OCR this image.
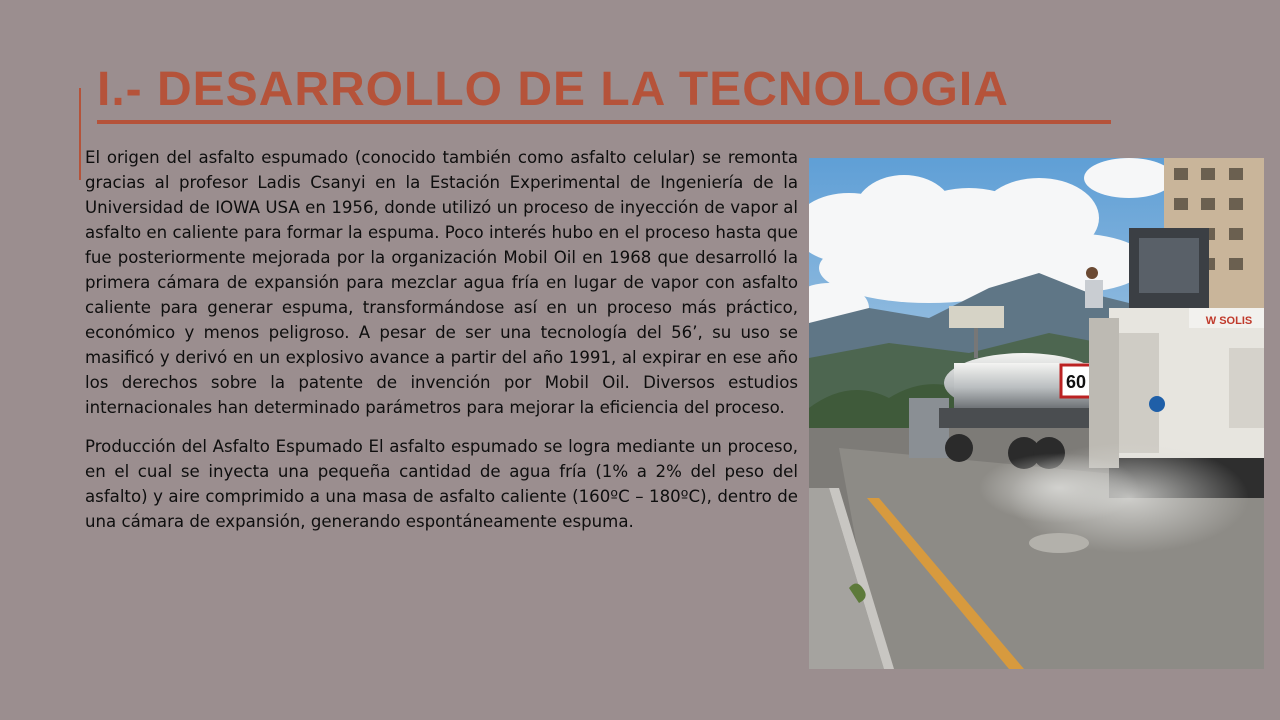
I.- DESARROLLO DE LA TECNOLOGIA

El origen del asfalto espumado (conocido también como asfalto celular) se remonta gracias al profesor Ladis Csanyi en la Estación Experimental de Ingeniería de la Universidad de IOWA USA en 1956, donde utilizó un proceso de inyección de vapor al asfalto en caliente para formar la espuma. Poco interés hubo en el proceso hasta que fue posteriormente mejorada por la organización Mobil Oil en 1968 que desarrolló la primera cámara de expansión para mezclar agua fría en lugar de vapor con asfalto caliente para generar espuma, transformándose así en un proceso más práctico, económico y menos peligroso. A pesar de ser una tecnología del 56’, su uso se masificó y derivó en un explosivo avance a partir del año 1991, al expirar en ese año los derechos sobre la patente de invención por Mobil Oil. Diversos estudios internacionales han determinado parámetros para mejorar la eficiencia del proceso.

Producción del Asfalto Espumado El asfalto espumado se logra mediante un proceso, en el cual se inyecta una pequeña cantidad de agua fría (1% a 2% del peso del asfalto) y aire comprimido a una masa de asfalto caliente (160ºC – 180ºC), dentro de una cámara de expansión, generando espontáneamente espuma.

60
W SOLIS
